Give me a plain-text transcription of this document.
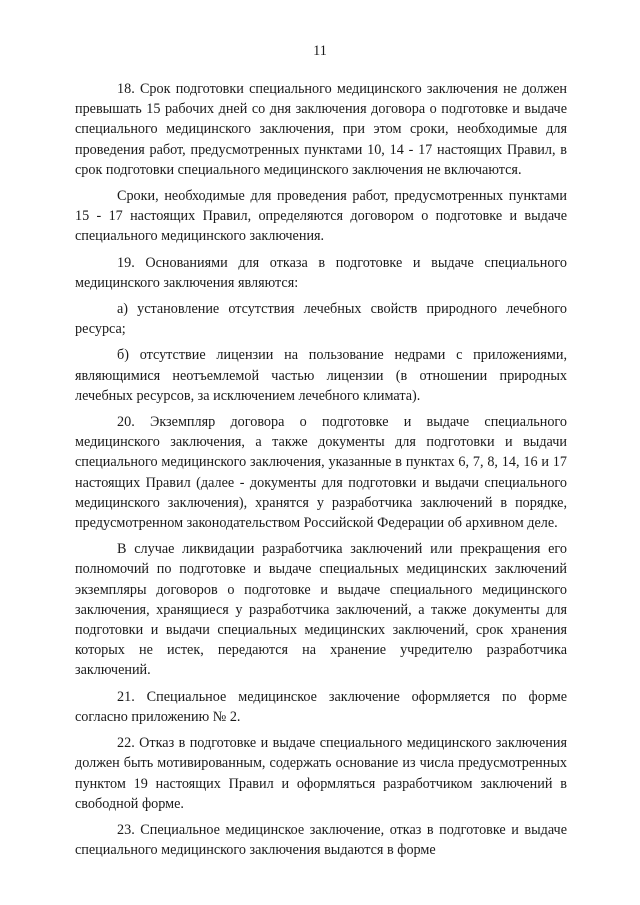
11

18. Срок подготовки специального медицинского заключения не должен превышать 15 рабочих дней со дня заключения договора о подготовке и выдаче специального медицинского заключения, при этом сроки, необходимые для проведения работ, предусмотренных пунктами 10, 14 - 17 настоящих Правил, в срок подготовки специального медицинского заключения не включаются.

Сроки, необходимые для проведения работ, предусмотренных пунктами 15 - 17 настоящих Правил, определяются договором о подготовке и выдаче специального медицинского заключения.

19. Основаниями для отказа в подготовке и выдаче специального медицинского заключения являются:

а) установление отсутствия лечебных свойств природного лечебного ресурса;

б) отсутствие лицензии на пользование недрами с приложениями, являющимися неотъемлемой частью лицензии (в отношении природных лечебных ресурсов, за исключением лечебного климата).

20. Экземпляр договора о подготовке и выдаче специального медицинского заключения, а также документы для подготовки и выдачи специального медицинского заключения, указанные в пунктах 6, 7, 8, 14, 16 и 17 настоящих Правил (далее - документы для подготовки и выдачи специального медицинского заключения), хранятся у разработчика заключений в порядке, предусмотренном законодательством Российской Федерации об архивном деле.

В случае ликвидации разработчика заключений или прекращения его полномочий по подготовке и выдаче специальных медицинских заключений экземпляры договоров о подготовке и выдаче специального медицинского заключения, хранящиеся у разработчика заключений, а также документы для подготовки и выдачи специальных медицинских заключений, срок хранения которых не истек, передаются на хранение учредителю разработчика заключений.

21. Специальное медицинское заключение оформляется по форме согласно приложению № 2.

22. Отказ в подготовке и выдаче специального медицинского заключения должен быть мотивированным, содержать основание из числа предусмотренных пунктом 19 настоящих Правил и оформляться разработчиком заключений в свободной форме.

23. Специальное медицинское заключение, отказ в подготовке и выдаче специального медицинского заключения выдаются в форме
